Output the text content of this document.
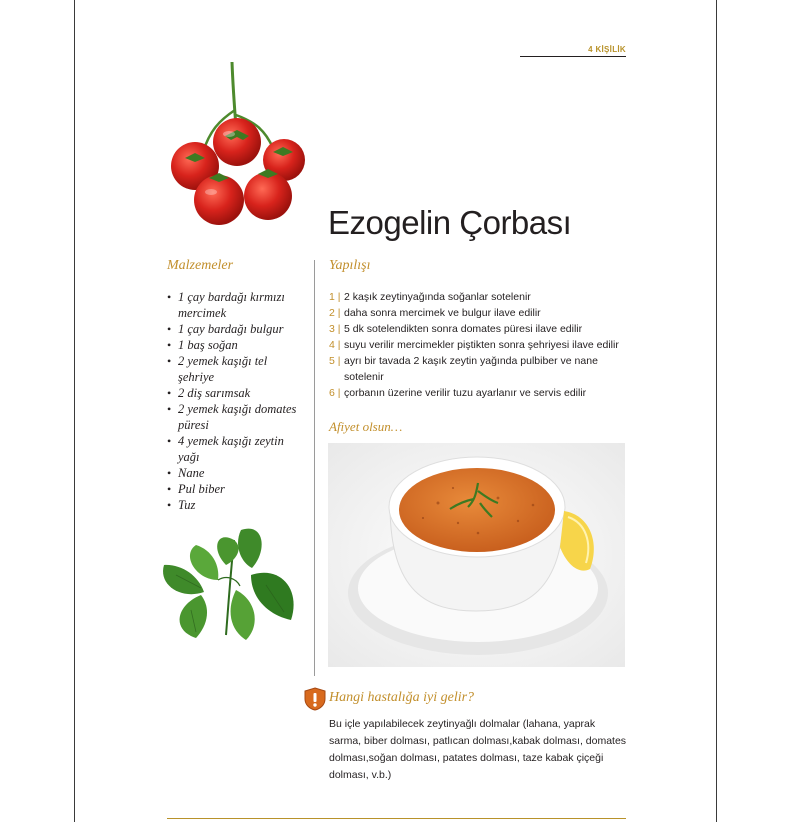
4 KİŞİLİK
Ezogelin Çorbası
Malzemeler	Yapılışı
• 1 çay bardağı kırmızı
mercimek
• 1 çay bardağı bulgur
• 1 baş soğan
• 2 yemek kaşığı tel
şehriye
• 2 diş sarımsak
• 2 yemek kaşığı domates
püresi
• 4 yemek kaşığı zeytin
yağı
• Nane
• Pul biber
• Tuz
1 | 2 kaşık zeytinyağında soğanlar sotelenir
2 | daha sonra mercimek ve bulgur ilave edilir
3 | 5 dk sotelendikten sonra domates püresi ilave edilir
4 | suyu verilir mercimekler piştikten sonra şehriyesi ilave edilir
5 | ayrı bir tavada 2 kaşık zeytin yağında pulbiber ve nane
sotelenir
6 | çorbanın üzerine verilir tuzu ayarlanır ve servis edilir
Afiyet olsun…
Hangi hastalığa iyi gelir?

Bu içle yapılabilecek zeytinyağlı dolmalar (lahana, yaprak sarma, biber dolması, patlıcan dolması,kabak dolması, domates dolması,soğan dolması, patates dolması, taze kabak çiçeği dolması, v.b.)
